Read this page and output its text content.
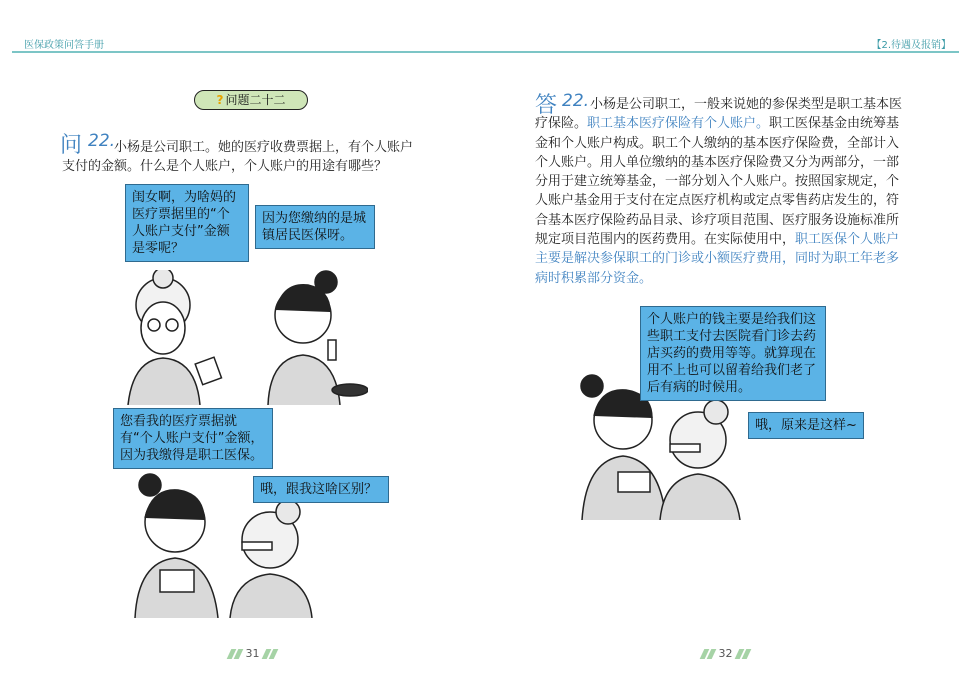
医保政策问答手册	【2.待遇及报销】
? 问题二十二
问 22.
小杨是公司职工。她的医疗收费票据上，有个人账户
支付的金额。什么是个人账户，个人账户的用途有哪些？
答 22. 小杨是公司职工，一般来说她的参保类型是职工基本医疗保险。职工基本医疗保险有个人账户。职工医保基金由统筹基金和个人账户构成。职工个人缴纳的基本医疗保险费，全部计入个人账户。用人单位缴纳的基本医疗保险费又分为两部分，一部分用于建立统筹基金，一部分划入个人账户。按照国家规定，个人账户基金用于支付在定点医疗机构或定点零售药店发生的，符合基本医疗保险药品目录、诊疗项目范围、医疗服务设施标准所规定项目范围内的医药费用。在实际使用中，职工医保个人账户主要是解决参保职工的门诊或小额医疗费用，同时为职工年老多病时积累部分资金。
闺女啊，为啥妈的医疗票据里的“个人账户支付”金额是零呢？
因为您缴纳的是城镇居民医保呀。
您看我的医疗票据就有“个人账户支付”金额，因为我缴得是职工医保。
哦，跟我这啥区别？
个人账户的钱主要是给我们这些职工支付去医院看门诊去药店买药的费用等等。就算现在用不上也可以留着给我们老了后有病的时候用。
哦，原来是这样~
31	32
